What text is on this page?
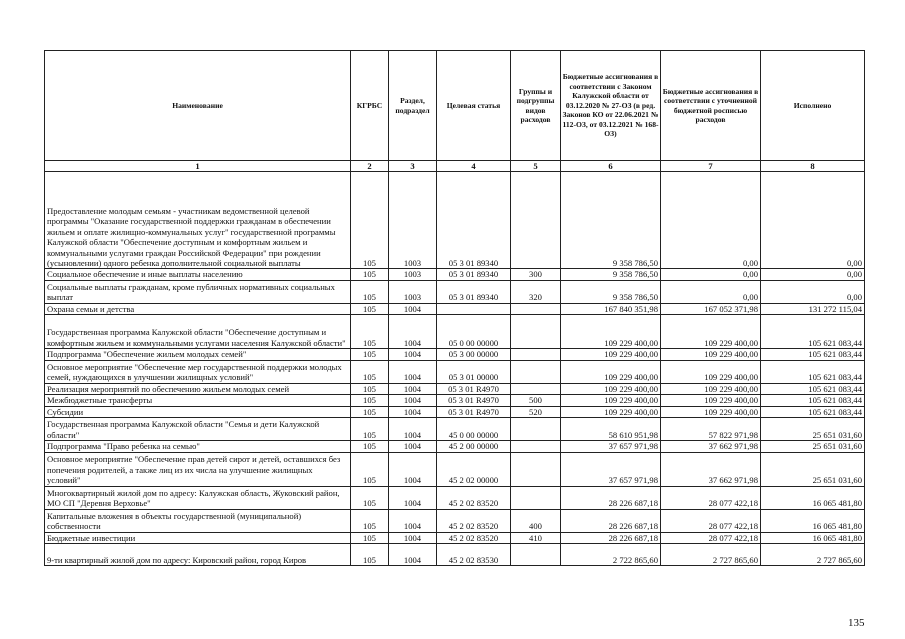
Наименование	КГРБС	Раздел, подраздел	Целевая статья	Группы и подгруппы видов расходов	Бюджетные ассигнования в соответствии с Законом Калужской области от 03.12.2020 № 27-ОЗ (в ред. Законов КО от 22.06.2021 № 112-ОЗ, от 03.12.2021 № 168-ОЗ)	Бюджетные ассигнования в соответствии с уточненной бюджетной росписью расходов	Исполнено
1	2	3	4	5	6	7	8
Предоставление молодым семьям - участникам ведомственной целевой программы "Оказание государственной поддержки гражданам в обеспечении жильем и оплате жилищно-коммунальных услуг" государственной программы Калужской области "Обеспечение доступным и комфортным жильем и коммунальными услугами граждан Российской Федерации" при рождении (усыновлении) одного ребенка дополнительной социальной выплаты	105	1003	05 3 01 89340		9 358 786,50	0,00	0,00
Социальное обеспечение и иные выплаты населению	105	1003	05 3 01 89340	300	9 358 786,50	0,00	0,00
Социальные выплаты гражданам, кроме публичных нормативных социальных выплат	105	1003	05 3 01 89340	320	9 358 786,50	0,00	0,00
Охрана семьи и детства	105	1004			167 840 351,98	167 052 371,98	131 272 115,04
Государственная программа Калужской области "Обеспечение доступным и комфортным жильем и коммунальными услугами населения Калужской области"	105	1004	05 0 00 00000		109 229 400,00	109 229 400,00	105 621 083,44
Подпрограмма "Обеспечение жильем молодых семей"	105	1004	05 3 00 00000		109 229 400,00	109 229 400,00	105 621 083,44
Основное мероприятие "Обеспечение мер государственной поддержки молодых семей, нуждающихся в улучшении жилищных условий"	105	1004	05 3 01 00000		109 229 400,00	109 229 400,00	105 621 083,44
Реализация мероприятий по обеспечению жильем молодых семей	105	1004	05 3 01 R4970		109 229 400,00	109 229 400,00	105 621 083,44
Межбюджетные трансферты	105	1004	05 3 01 R4970	500	109 229 400,00	109 229 400,00	105 621 083,44
Субсидии	105	1004	05 3 01 R4970	520	109 229 400,00	109 229 400,00	105 621 083,44
Государственная программа Калужской области "Семья и дети Калужской области"	105	1004	45 0 00 00000		58 610 951,98	57 822 971,98	25 651 031,60
Подпрограмма "Право ребенка на семью"	105	1004	45 2 00 00000		37 657 971,98	37 662 971,98	25 651 031,60
Основное мероприятие "Обеспечение прав детей сирот и детей, оставшихся без попечения родителей, а также лиц из их числа на улучшение жилищных условий"	105	1004	45 2 02 00000		37 657 971,98	37 662 971,98	25 651 031,60
Многоквартирный жилой дом по адресу: Калужская область, Жуковский район, МО СП "Деревня Верховье"	105	1004	45 2 02 83520		28 226 687,18	28 077 422,18	16 065 481,80
Капитальные вложения в объекты государственной (муниципальной) собственности	105	1004	45 2 02 83520	400	28 226 687,18	28 077 422,18	16 065 481,80
Бюджетные инвестиции	105	1004	45 2 02 83520	410	28 226 687,18	28 077 422,18	16 065 481,80
9-ти квартирный жилой дом по адресу: Кировский район, город Киров	105	1004	45 2 02 83530		2 722 865,60	2 727 865,60	2 727 865,60
135
